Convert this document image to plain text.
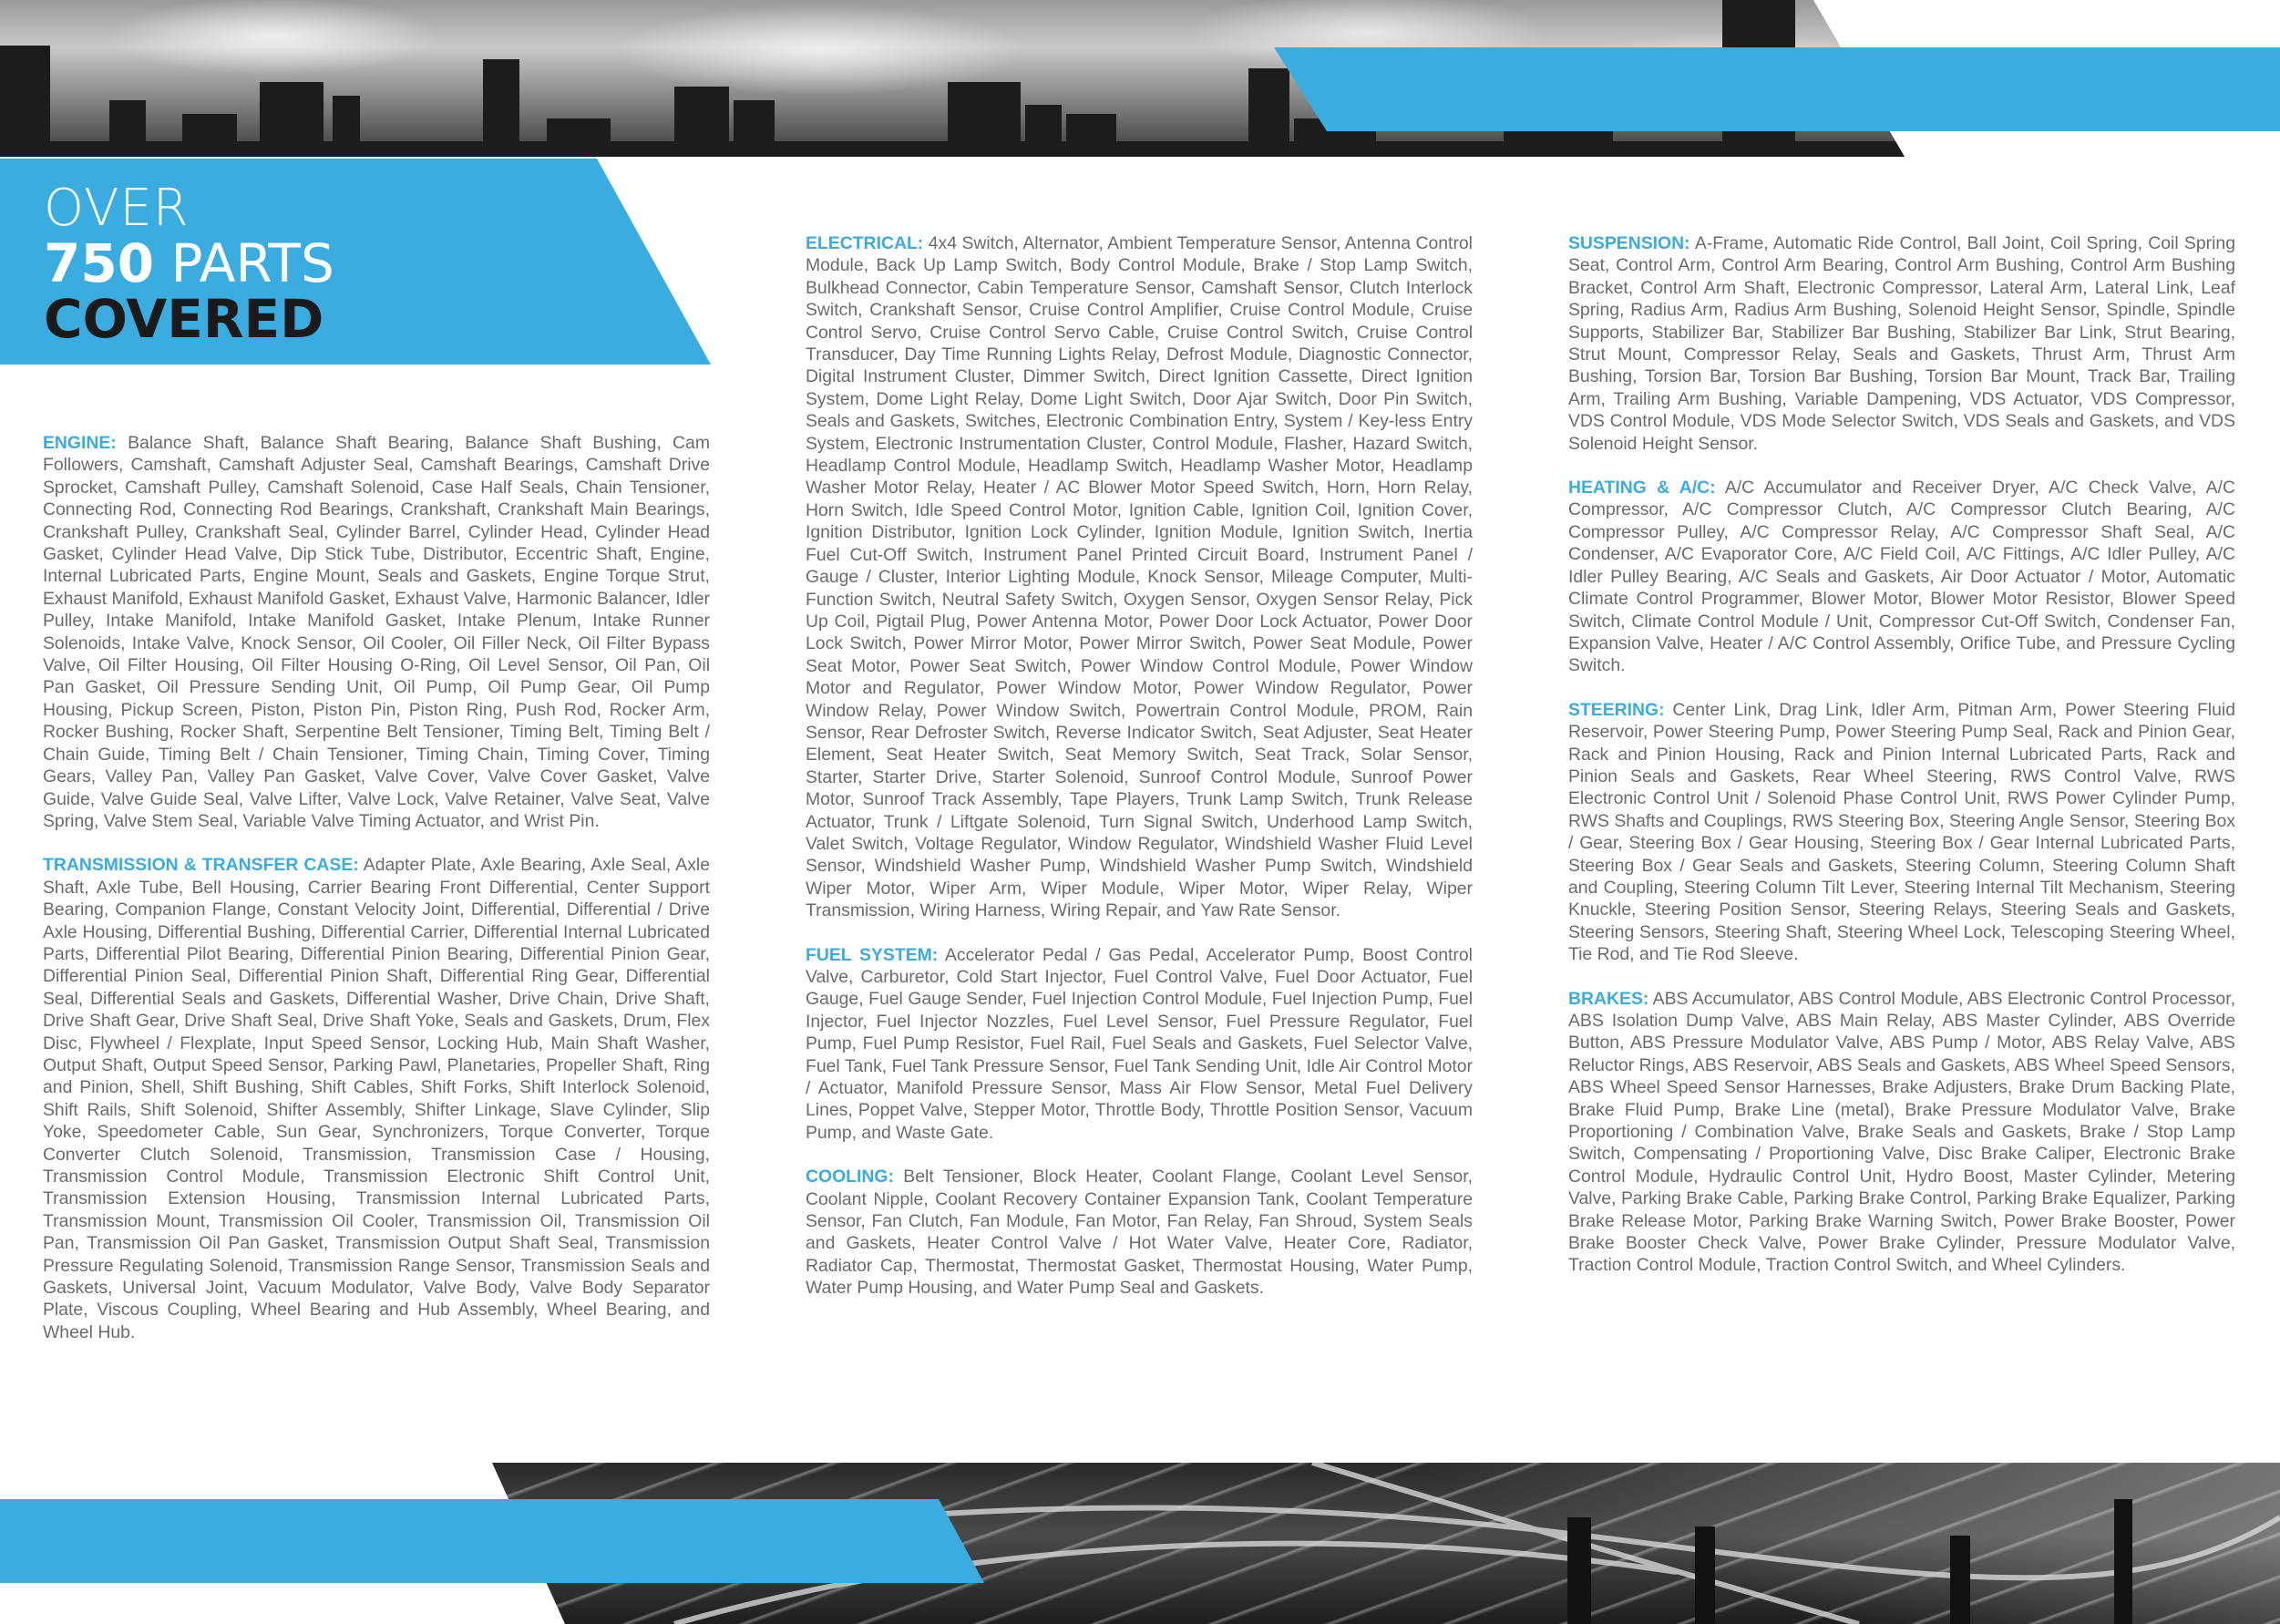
OVER
750 PARTS
COVERED

ENGINE: Balance Shaft, Balance Shaft Bearing, Balance Shaft Bushing, Cam Followers, Camshaft, Camshaft Adjuster Seal, Camshaft Bearings, Camshaft Drive Sprocket, Camshaft Pulley, Camshaft Solenoid, Case Half Seals, Chain Tensioner, Connecting Rod, Connecting Rod Bearings, Crankshaft, Crankshaft Main Bearings, Crankshaft Pulley, Crankshaft Seal, Cylinder Barrel, Cylinder Head, Cylinder Head Gasket, Cylinder Head Valve, Dip Stick Tube, Distributor, Eccentric Shaft, Engine, Internal Lubricated Parts, Engine Mount, Seals and Gaskets, Engine Torque Strut, Exhaust Manifold, Exhaust Manifold Gasket, Exhaust Valve, Harmonic Balancer, Idler Pulley, Intake Manifold, Intake Manifold Gasket, Intake Plenum, Intake Runner Solenoids, Intake Valve, Knock Sensor, Oil Cooler, Oil Filler Neck, Oil Filter Bypass Valve, Oil Filter Housing, Oil Filter Housing O-Ring, Oil Level Sensor, Oil Pan, Oil Pan Gasket, Oil Pressure Sending Unit, Oil Pump, Oil Pump Gear, Oil Pump Housing, Pickup Screen, Piston, Piston Pin, Piston Ring, Push Rod, Rocker Arm, Rocker Bushing, Rocker Shaft, Serpentine Belt Tensioner, Timing Belt, Timing Belt / Chain Guide, Timing Belt / Chain Tensioner, Timing Chain, Timing Cover, Timing Gears, Valley Pan, Valley Pan Gasket, Valve Cover, Valve Cover Gasket, Valve Guide, Valve Guide Seal, Valve Lifter, Valve Lock, Valve Retainer, Valve Seat, Valve Spring, Valve Stem Seal, Variable Valve Timing Actuator, and Wrist Pin.

TRANSMISSION & TRANSFER CASE: Adapter Plate, Axle Bearing, Axle Seal, Axle Shaft, Axle Tube, Bell Housing, Carrier Bearing Front Differential, Center Support Bearing, Companion Flange, Constant Velocity Joint, Differential, Differential / Drive Axle Housing, Differential Bushing, Differential Carrier, Differential Internal Lubricated Parts, Differential Pilot Bearing, Differential Pinion Bearing, Differential Pinion Gear, Differential Pinion Seal, Differential Pinion Shaft, Differential Ring Gear, Differential Seal, Differential Seals and Gaskets, Differential Washer, Drive Chain, Drive Shaft, Drive Shaft Gear, Drive Shaft Seal, Drive Shaft Yoke, Seals and Gaskets, Drum, Flex Disc, Flywheel / Flexplate, Input Speed Sensor, Locking Hub, Main Shaft Washer, Output Shaft, Output Speed Sensor, Parking Pawl, Planetaries, Propeller Shaft, Ring and Pinion, Shell, Shift Bushing, Shift Cables, Shift Forks, Shift Interlock Solenoid, Shift Rails, Shift Solenoid, Shifter Assembly, Shifter Linkage, Slave Cylinder, Slip Yoke, Speedometer Cable, Sun Gear, Synchronizers, Torque Converter, Torque Converter Clutch Solenoid, Transmission, Transmission Case / Housing, Transmission Control Module, Transmission Electronic Shift Control Unit, Transmission Extension Housing, Transmission Internal Lubricated Parts, Transmission Mount, Transmission Oil Cooler, Transmission Oil, Transmission Oil Pan, Transmission Oil Pan Gasket, Transmission Output Shaft Seal, Transmission Pressure Regulating Solenoid, Transmission Range Sensor, Transmission Seals and Gaskets, Universal Joint, Vacuum Modulator, Valve Body, Valve Body Separator Plate, Viscous Coupling, Wheel Bearing and Hub Assembly, Wheel Bearing, and Wheel Hub.

ELECTRICAL: 4x4 Switch, Alternator, Ambient Temperature Sensor, Antenna Control Module, Back Up Lamp Switch, Body Control Module, Brake / Stop Lamp Switch, Bulkhead Connector, Cabin Temperature Sensor, Camshaft Sensor, Clutch Interlock Switch, Crankshaft Sensor, Cruise Control Amplifier, Cruise Control Module, Cruise Control Servo, Cruise Control Servo Cable, Cruise Control Switch, Cruise Control Transducer, Day Time Running Lights Relay, Defrost Module, Diagnostic Connector, Digital Instrument Cluster, Dimmer Switch, Direct Ignition Cassette, Direct Ignition System, Dome Light Relay, Dome Light Switch, Door Ajar Switch, Door Pin Switch, Seals and Gaskets, Switches, Electronic Combination Entry, System / Key-less Entry System, Electronic Instrumentation Cluster, Control Module, Flasher, Hazard Switch, Headlamp Control Module, Headlamp Switch, Headlamp Washer Motor, Headlamp Washer Motor Relay, Heater / AC Blower Motor Speed Switch, Horn, Horn Relay, Horn Switch, Idle Speed Control Motor, Ignition Cable, Ignition Coil, Ignition Cover, Ignition Distributor, Ignition Lock Cylinder, Ignition Module, Ignition Switch, Inertia Fuel Cut-Off Switch, Instrument Panel Printed Circuit Board, Instrument Panel / Gauge / Cluster, Interior Lighting Module, Knock Sensor, Mileage Computer, Multi-Function Switch, Neutral Safety Switch, Oxygen Sensor, Oxygen Sensor Relay, Pick Up Coil, Pigtail Plug, Power Antenna Motor, Power Door Lock Actuator, Power Door Lock Switch, Power Mirror Motor, Power Mirror Switch, Power Seat Module, Power Seat Motor, Power Seat Switch, Power Window Control Module, Power Window Motor and Regulator, Power Window Motor, Power Window Regulator, Power Window Relay, Power Window Switch, Powertrain Control Module, PROM, Rain Sensor, Rear Defroster Switch, Reverse Indicator Switch, Seat Adjuster, Seat Heater Element, Seat Heater Switch, Seat Memory Switch, Seat Track, Solar Sensor, Starter, Starter Drive, Starter Solenoid, Sunroof Control Module, Sunroof Power Motor, Sunroof Track Assembly, Tape Players, Trunk Lamp Switch, Trunk Release Actuator, Trunk / Liftgate Solenoid, Turn Signal Switch, Underhood Lamp Switch, Valet Switch, Voltage Regulator, Window Regulator, Windshield Washer Fluid Level Sensor, Windshield Washer Pump, Windshield Washer Pump Switch, Windshield Wiper Motor, Wiper Arm, Wiper Module, Wiper Motor, Wiper Relay, Wiper Transmission, Wiring Harness, Wiring Repair, and Yaw Rate Sensor.

FUEL SYSTEM: Accelerator Pedal / Gas Pedal, Accelerator Pump, Boost Control Valve, Carburetor, Cold Start Injector, Fuel Control Valve, Fuel Door Actuator, Fuel Gauge, Fuel Gauge Sender, Fuel Injection Control Module, Fuel Injection Pump, Fuel Injector, Fuel Injector Nozzles, Fuel Level Sensor, Fuel Pressure Regulator, Fuel Pump, Fuel Pump Resistor, Fuel Rail, Fuel Seals and Gaskets, Fuel Selector Valve, Fuel Tank, Fuel Tank Pressure Sensor, Fuel Tank Sending Unit, Idle Air Control Motor / Actuator, Manifold Pressure Sensor, Mass Air Flow Sensor, Metal Fuel Delivery Lines, Poppet Valve, Stepper Motor, Throttle Body, Throttle Position Sensor, Vacuum Pump, and Waste Gate.

COOLING: Belt Tensioner, Block Heater, Coolant Flange, Coolant Level Sensor, Coolant Nipple, Coolant Recovery Container Expansion Tank, Coolant Temperature Sensor, Fan Clutch, Fan Module, Fan Motor, Fan Relay, Fan Shroud, System Seals and Gaskets, Heater Control Valve / Hot Water Valve, Heater Core, Radiator, Radiator Cap, Thermostat, Thermostat Gasket, Thermostat Housing, Water Pump, Water Pump Housing, and Water Pump Seal and Gaskets.

SUSPENSION: A-Frame, Automatic Ride Control, Ball Joint, Coil Spring, Coil Spring Seat, Control Arm, Control Arm Bearing, Control Arm Bushing, Control Arm Bushing Bracket, Control Arm Shaft, Electronic Compressor, Lateral Arm, Lateral Link, Leaf Spring, Radius Arm, Radius Arm Bushing, Solenoid Height Sensor, Spindle, Spindle Supports, Stabilizer Bar, Stabilizer Bar Bushing, Stabilizer Bar Link, Strut Bearing, Strut Mount, Compressor Relay, Seals and Gaskets, Thrust Arm, Thrust Arm Bushing, Torsion Bar, Torsion Bar Bushing, Torsion Bar Mount, Track Bar, Trailing Arm, Trailing Arm Bushing, Variable Dampening, VDS Actuator, VDS Compressor, VDS Control Module, VDS Mode Selector Switch, VDS Seals and Gaskets, and VDS Solenoid Height Sensor.

HEATING & A/C: A/C Accumulator and Receiver Dryer, A/C Check Valve, A/C Compressor, A/C Compressor Clutch, A/C Compressor Clutch Bearing, A/C Compressor Pulley, A/C Compressor Relay, A/C Compressor Shaft Seal, A/C Condenser, A/C Evaporator Core, A/C Field Coil, A/C Fittings, A/C Idler Pulley, A/C Idler Pulley Bearing, A/C Seals and Gaskets, Air Door Actuator / Motor, Automatic Climate Control Programmer, Blower Motor, Blower Motor Resistor, Blower Speed Switch, Climate Control Module / Unit, Compressor Cut-Off Switch, Condenser Fan, Expansion Valve, Heater / A/C Control Assembly, Orifice Tube, and Pressure Cycling Switch.

STEERING: Center Link, Drag Link, Idler Arm, Pitman Arm, Power Steering Fluid Reservoir, Power Steering Pump, Power Steering Pump Seal, Rack and Pinion Gear, Rack and Pinion Housing, Rack and Pinion Internal Lubricated Parts, Rack and Pinion Seals and Gaskets, Rear Wheel Steering, RWS Control Valve, RWS Electronic Control Unit / Solenoid Phase Control Unit, RWS Power Cylinder Pump, RWS Shafts and Couplings, RWS Steering Box, Steering Angle Sensor, Steering Box / Gear, Steering Box / Gear Housing, Steering Box / Gear Internal Lubricated Parts, Steering Box / Gear Seals and Gaskets, Steering Column, Steering Column Shaft and Coupling, Steering Column Tilt Lever, Steering Internal Tilt Mechanism, Steering Knuckle, Steering Position Sensor, Steering Relays, Steering Seals and Gaskets, Steering Sensors, Steering Shaft, Steering Wheel Lock, Telescoping Steering Wheel, Tie Rod, and Tie Rod Sleeve.

BRAKES: ABS Accumulator, ABS Control Module, ABS Electronic Control Processor, ABS Isolation Dump Valve, ABS Main Relay, ABS Master Cylinder, ABS Override Button, ABS Pressure Modulator Valve, ABS Pump / Motor, ABS Relay Valve, ABS Reluctor Rings, ABS Reservoir, ABS Seals and Gaskets, ABS Wheel Speed Sensors, ABS Wheel Speed Sensor Harnesses, Brake Adjusters, Brake Drum Backing Plate, Brake Fluid Pump, Brake Line (metal), Brake Pressure Modulator Valve, Brake Proportioning / Combination Valve, Brake Seals and Gaskets, Brake / Stop Lamp Switch, Compensating / Proportioning Valve, Disc Brake Caliper, Electronic Brake Control Module, Hydraulic Control Unit, Hydro Boost, Master Cylinder, Metering Valve, Parking Brake Cable, Parking Brake Control, Parking Brake Equalizer, Parking Brake Release Motor, Parking Brake Warning Switch, Power Brake Booster, Power Brake Booster Check Valve, Power Brake Cylinder, Pressure Modulator Valve, Traction Control Module, Traction Control Switch, and Wheel Cylinders.
